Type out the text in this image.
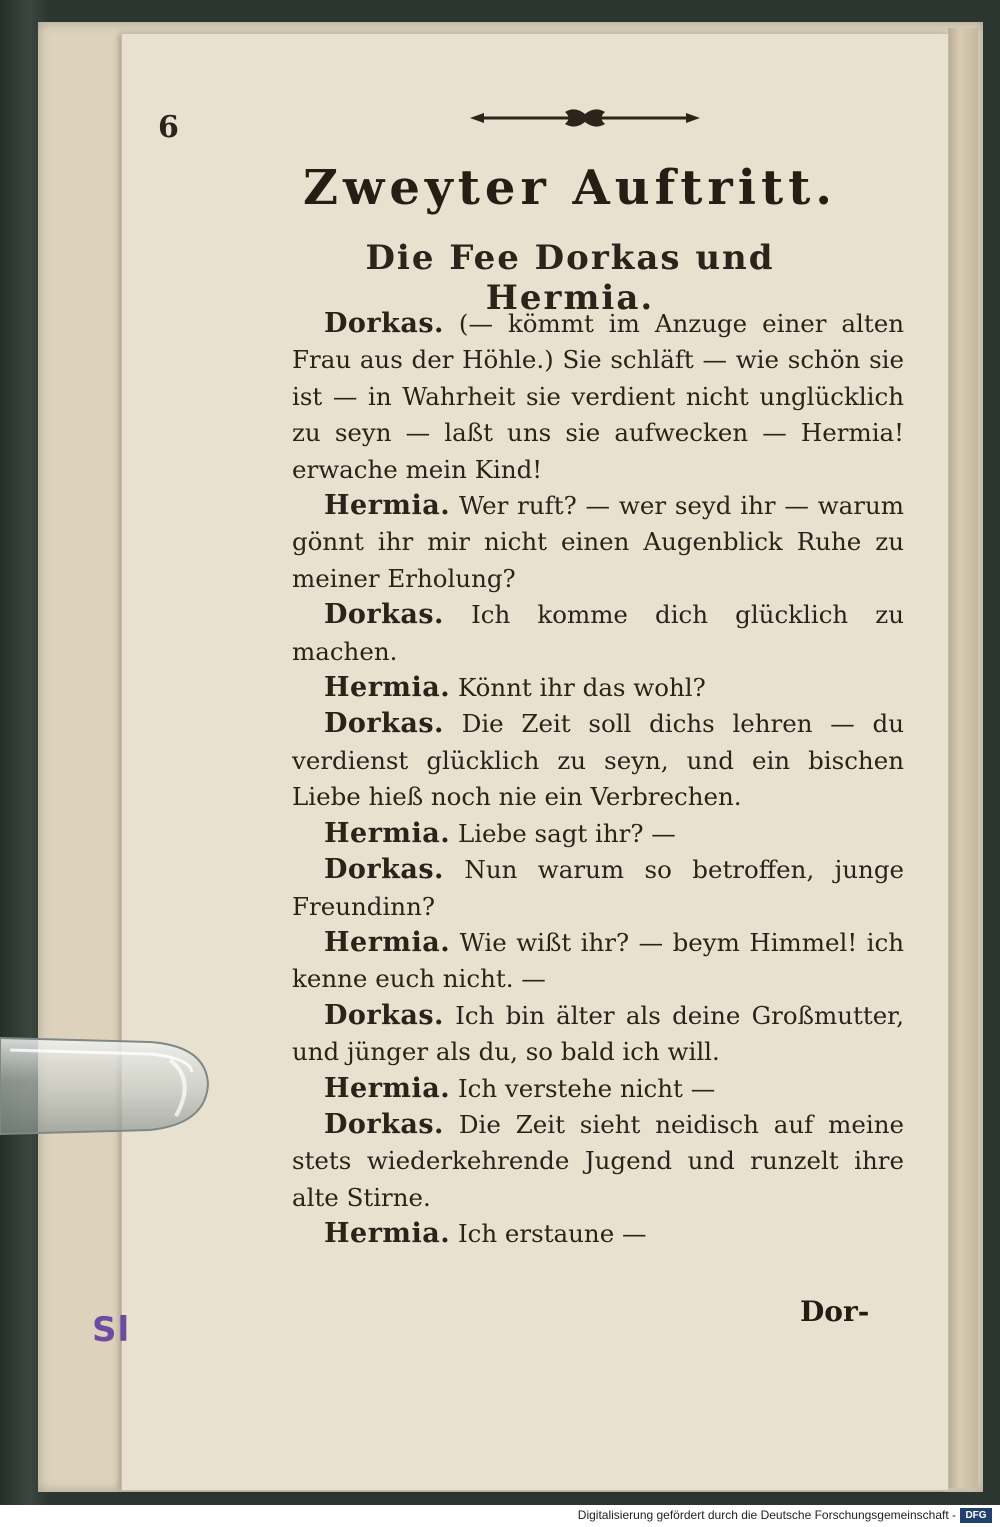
6
Zweyter Auftritt.
Die Fee Dorkas und Hermia.

Dorkas. (— kömmt im Anzuge einer alten Frau aus der Höhle.) Sie schläft — wie schön sie ist — in Wahrheit sie verdient nicht unglücklich zu seyn — laßt uns sie aufwecken — Hermia! erwache mein Kind!

Hermia. Wer ruft? — wer seyd ihr — warum gönnt ihr mir nicht einen Augenblick Ruhe zu meiner Erholung?

Dorkas. Ich komme dich glücklich zu machen.

Hermia. Könnt ihr das wohl?

Dorkas. Die Zeit soll dichs lehren — du verdienst glücklich zu seyn, und ein bischen Liebe hieß noch nie ein Verbrechen.

Hermia. Liebe sagt ihr? —

Dorkas. Nun warum so betroffen, junge Freundinn?

Hermia. Wie wißt ihr? — beym Himmel! ich kenne euch nicht. —

Dorkas. Ich bin älter als deine Großmutter, und jünger als du, so bald ich will.

Hermia. Ich verstehe nicht —

Dorkas. Die Zeit sieht neidisch auf meine stets wiederkehrende Jugend und runzelt ihre alte Stirne.

Hermia. Ich erstaune —

Dor-
Sl
Digitalisierung gefördert durch die Deutsche Forschungsgemeinschaft - DFG
